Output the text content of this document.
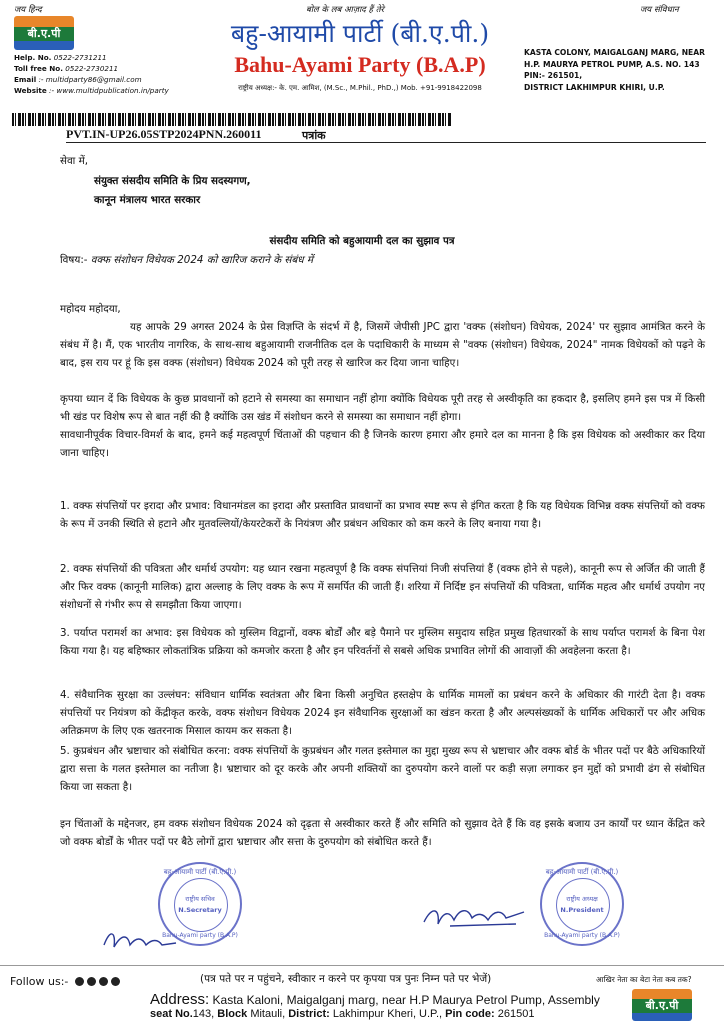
जय हिन्द	बोल के लब आज़ाद हैं तेरे	जय संविधान
बी.ए.पी
Help. No. 0522-2731211
Toll free No. 0522-2730211
Email :- multidparty86@gmail.com
Website :- www.multidpublication.in/party
बहु-आयामी पार्टी (बी.ए.पी.)
Bahu-Ayami Party (B.A.P)
राष्ट्रीय अध्यक्ष:- के. एम. आमिश, (M.Sc., M.Phil., PhD.,) Mob. +91-9918422098
KASTA COLONY, MAIGALGANJ MARG, NEAR
H.P. MAURYA PETROL PUMP, A.S. NO. 143
PIN:- 261501,
DISTRICT LAKHIMPUR KHIRI, U.P.
PVT.IN-UP26.05STP2024PNN.260011	पत्रांक
सेवा में,
संयुक्त संसदीय समिति के प्रिय सदस्यगण,
कानून मंत्रालय भारत सरकार
संसदीय समिति को बहुआयामी दल का सुझाव पत्र
विषय:- वक्फ संशोधन विधेयक 2024 को खारिज कराने के संबंध में
महोदय महोदया,
यह आपके 29 अगस्त 2024 के प्रेस विज्ञप्ति के संदर्भ में है, जिसमें जेपीसी JPC द्वारा 'वक्फ (संशोधन) विधेयक, 2024' पर सुझाव आमंत्रित करने के संबंध में है। मैं, एक भारतीय नागरिक, के साथ-साथ बहुआयामी राजनीतिक दल के पदाधिकारी के माध्यम से "वक्फ (संशोधन) विधेयक, 2024" नामक विधेयकों को पढ़ने के बाद, इस राय पर हूं कि इस वक्फ (संशोधन) विधेयक 2024 को पूरी तरह से खारिज कर दिया जाना चाहिए।
कृपया ध्यान दें कि विधेयक के कुछ प्रावधानों को हटाने से समस्या का समाधान नहीं होगा क्योंकि विधेयक पूरी तरह से अस्वीकृति का हकदार है, इसलिए हमने इस पत्र में किसी भी खंड पर विशेष रूप से बात नहीं की है क्योंकि उस खंड में संशोधन करने से समस्या का समाधान नहीं होगा।
सावधानीपूर्वक विचार-विमर्श के बाद, हमने कई महत्वपूर्ण चिंताओं की पहचान की है जिनके कारण हमारा और हमारे दल का मानना है कि इस विधेयक को अस्वीकार कर दिया जाना चाहिए।
1. वक्फ संपत्तियों पर इरादा और प्रभाव: विधानमंडल का इरादा और प्रस्तावित प्रावधानों का प्रभाव स्पष्ट रूप से इंगित करता है कि यह विधेयक विभिन्न वक्फ संपत्तियों को वक्फ के रूप में उनकी स्थिति से हटाने और मुतवल्लियों/केयरटेकरों के नियंत्रण और प्रबंधन अधिकार को कम करने के लिए बनाया गया है।
2. वक्फ संपत्तियों की पवित्रता और धर्मार्थ उपयोग: यह ध्यान रखना महत्वपूर्ण है कि वक्फ संपत्तियां निजी संपत्तियां हैं (वक्फ होने से पहले), कानूनी रूप से अर्जित की जाती हैं और फिर वक्फ (कानूनी मालिक) द्वारा अल्लाह के लिए वक्फ के रूप में समर्पित की जाती हैं। शरिया में निर्दिष्ट इन संपत्तियों की पवित्रता, धार्मिक महत्व और धर्मार्थ उपयोग नए संशोधनों से गंभीर रूप से समझौता किया जाएगा।
3. पर्याप्त परामर्श का अभाव: इस विधेयक को मुस्लिम विद्वानों, वक्फ बोर्डों और बड़े पैमाने पर मुस्लिम समुदाय सहित प्रमुख हितधारकों के साथ पर्याप्त परामर्श के बिना पेश किया गया है। यह बहिष्कार लोकतांत्रिक प्रक्रिया को कमजोर करता है और इन परिवर्तनों से सबसे अधिक प्रभावित लोगों की आवाज़ों की अवहेलना करता है।
4. संवैधानिक सुरक्षा का उल्लंघन: संविधान धार्मिक स्वतंत्रता और बिना किसी अनुचित हस्तक्षेप के धार्मिक मामलों का प्रबंधन करने के अधिकार की गारंटी देता है। वक्फ संपत्तियों पर नियंत्रण को केंद्रीकृत करके, वक्फ संशोधन विधेयक 2024 इन संवैधानिक सुरक्षाओं का खंडन करता है और अल्पसंख्यकों के धार्मिक अधिकारों पर और अधिक अतिक्रमण के लिए एक खतरनाक मिसाल कायम कर सकता है।
5. कुप्रबंधन और भ्रष्टाचार को संबोधित करना: वक्फ संपत्तियों के कुप्रबंधन और गलत इस्तेमाल का मुद्दा मुख्य रूप से भ्रष्टाचार और वक्फ बोर्ड के भीतर पदों पर बैठे अधिकारियों द्वारा सत्ता के गलत इस्तेमाल का नतीजा है। भ्रष्टाचार को दूर करके और अपनी शक्तियों का दुरुपयोग करने वालों पर कड़ी सज़ा लगाकर इन मुद्दों को प्रभावी ढंग से संबोधित किया जा सकता है।
इन चिंताओं के मद्देनजर, हम वक्फ संशोधन विधेयक 2024 को दृढ़ता से अस्वीकार करते हैं और समिति को सुझाव देते हैं कि वह इसके बजाय उन कार्यों पर ध्यान केंद्रित करे जो वक्फ बोर्डों के भीतर पदों पर बैठे लोगों द्वारा भ्रष्टाचार और सत्ता के दुरुपयोग को संबोधित करते हैं।
बहु-आयामी पार्टी (बी.ए.पी.)
राष्ट्रीय सचिव
N.Secretary
Bahu-Ayami party (B.A.P)
बहु-आयामी पार्टी (बी.ए.पी.)
राष्ट्रीय अध्यक्ष
N.President
Bahu-Ayami party (B.A.P)
Follow us:-	(पत्र पते पर न पहुंचने, स्वीकार न करने पर कृपया पत्र पुनः निम्न पते पर भेजें)
Address: Kasta Kaloni, Maigalganj marg, near H.P Maurya Petrol Pump, Assembly
seat No.143, Block Mitauli, District: Lakhimpur Kheri, U.P., Pin code: 261501
आखिर नेता का बेटा नेता कब तक?
बी.ए.पी
